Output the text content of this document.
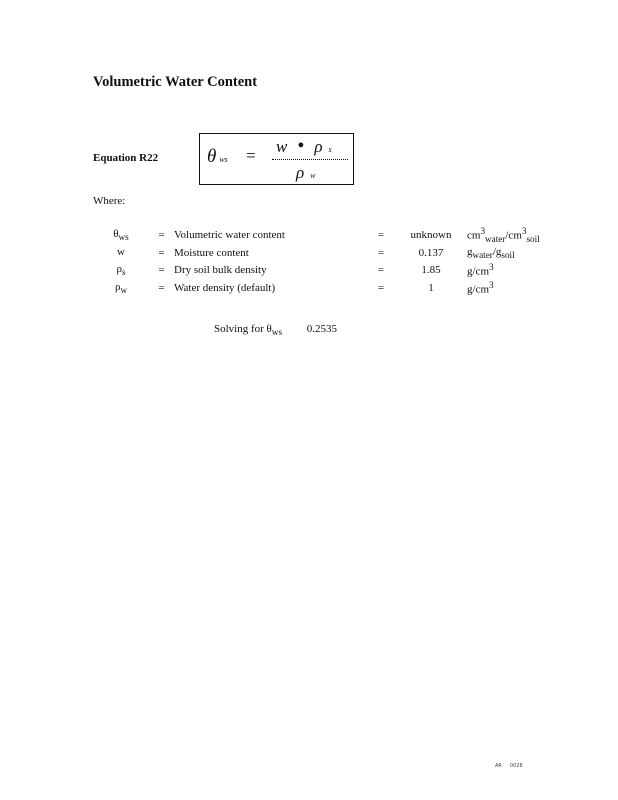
Volumetric Water Content
Equation R22	θws = w • ρ s
ρw
Where:
$\theta_{ws}$	=	Volumetric water content	=	unknown	$cm^3_{water}/cm^3_{soil}$
w	=	Moisture content	=	0.137	$g_{water}/g_{soil}$
$\rho_s$	=	Dry soil bulk density	=	1.85	$g/cm^3$
$\rho_w$	=	Water density (default)	=	1	$g/cm^3$
Solving for $\theta_{ws}$ 0.2535
AR 0028
